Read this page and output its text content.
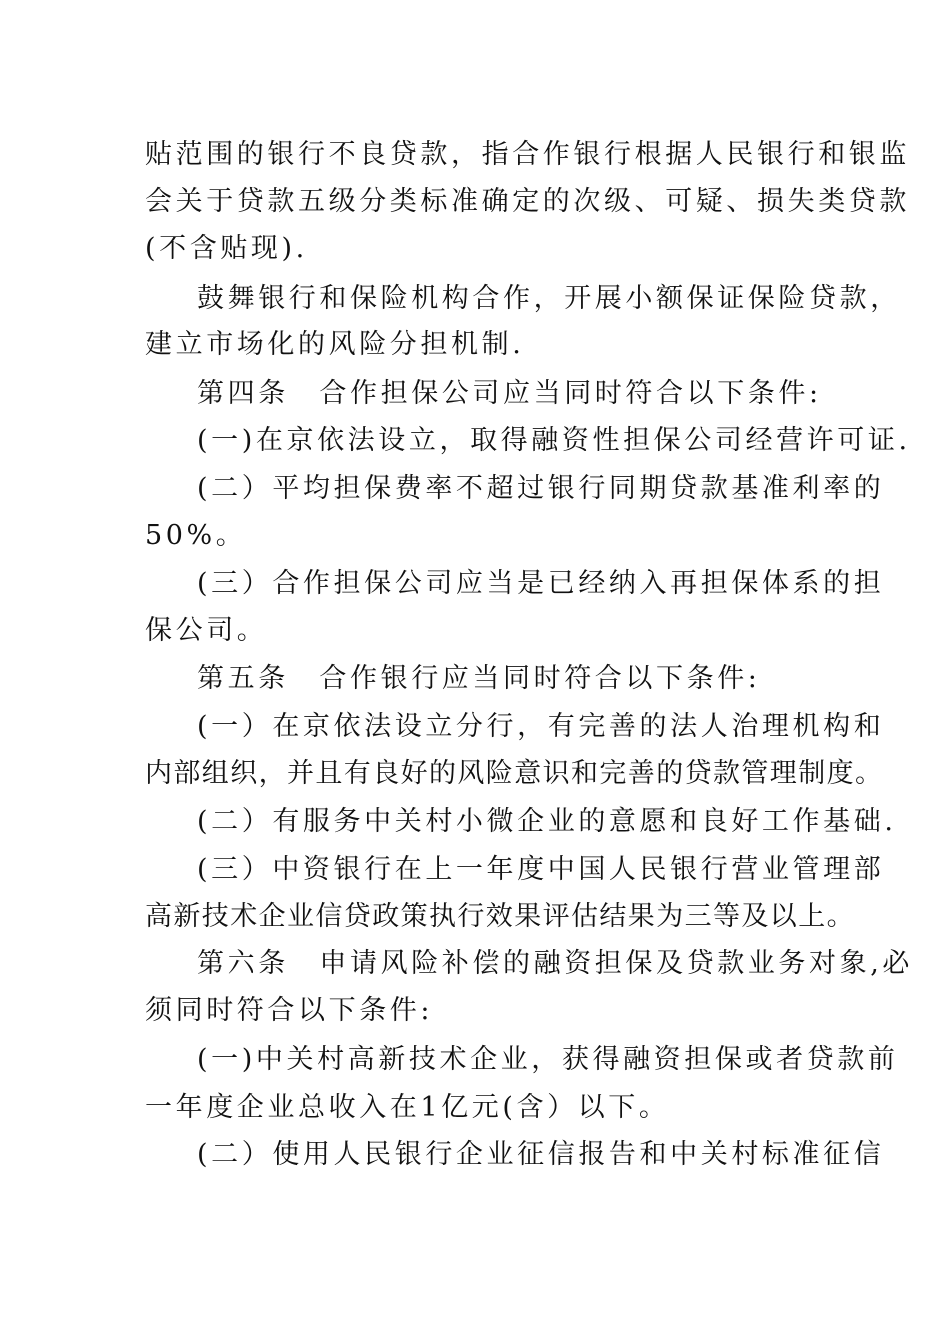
贴范围的银行不良贷款，指合作银行根据人民银行和银监
会关于贷款五级分类标准确定的次级、可疑、损失类贷款
(不含贴现).
鼓舞银行和保险机构合作，开展小额保证保险贷款，
建立市场化的风险分担机制.
第四条　合作担保公司应当同时符合以下条件:
(一)在京依法设立，取得融资性担保公司经营许可证.
(二）平均担保费率不超过银行同期贷款基准利率的
50%。
(三）合作担保公司应当是已经纳入再担保体系的担
保公司。
第五条　合作银行应当同时符合以下条件:
(一）在京依法设立分行，有完善的法人治理机构和
内部组织，并且有良好的风险意识和完善的贷款管理制度。
(二）有服务中关村小微企业的意愿和良好工作基础.
(三）中资银行在上一年度中国人民银行营业管理部
高新技术企业信贷政策执行效果评估结果为三等及以上。
第六条　申请风险补偿的融资担保及贷款业务对象,必
须同时符合以下条件:
(一)中关村高新技术企业，获得融资担保或者贷款前
一年度企业总收入在1亿元(含）以下。
(二）使用人民银行企业征信报告和中关村标准征信
